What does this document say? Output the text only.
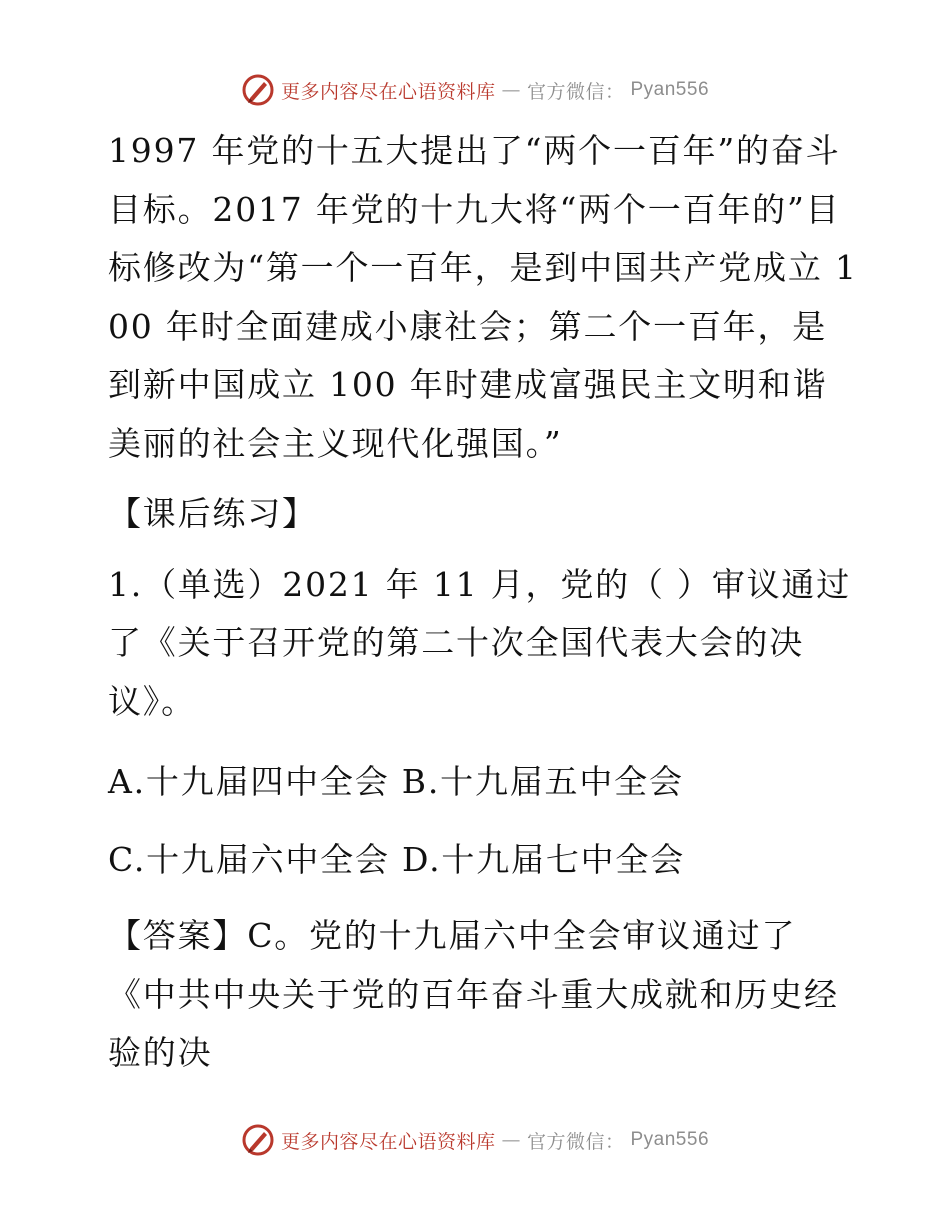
更多内容尽在心语资料库 — 官方微信： Pyan556

1997 年党的十五大提出了“两个一百年”的奋斗目标。2017 年党的十九大将“两个一百年的”目标修改为“第一个一百年，是到中国共产党成立 100 年时全面建成小康社会；第二个一百年，是到新中国成立 100 年时建成富强民主文明和谐美丽的社会主义现代化强国。”

【课后练习】

1.（单选）2021 年 11 月，党的（ ）审议通过了《关于召开党的第二十次全国代表大会的决议》。

A.十九届四中全会 B.十九届五中全会

C.十九届六中全会 D.十九届七中全会

【答案】C。党的十九届六中全会审议通过了《中共中央关于党的百年奋斗重大成就和历史经验的决

更多内容尽在心语资料库 — 官方微信： Pyan556
